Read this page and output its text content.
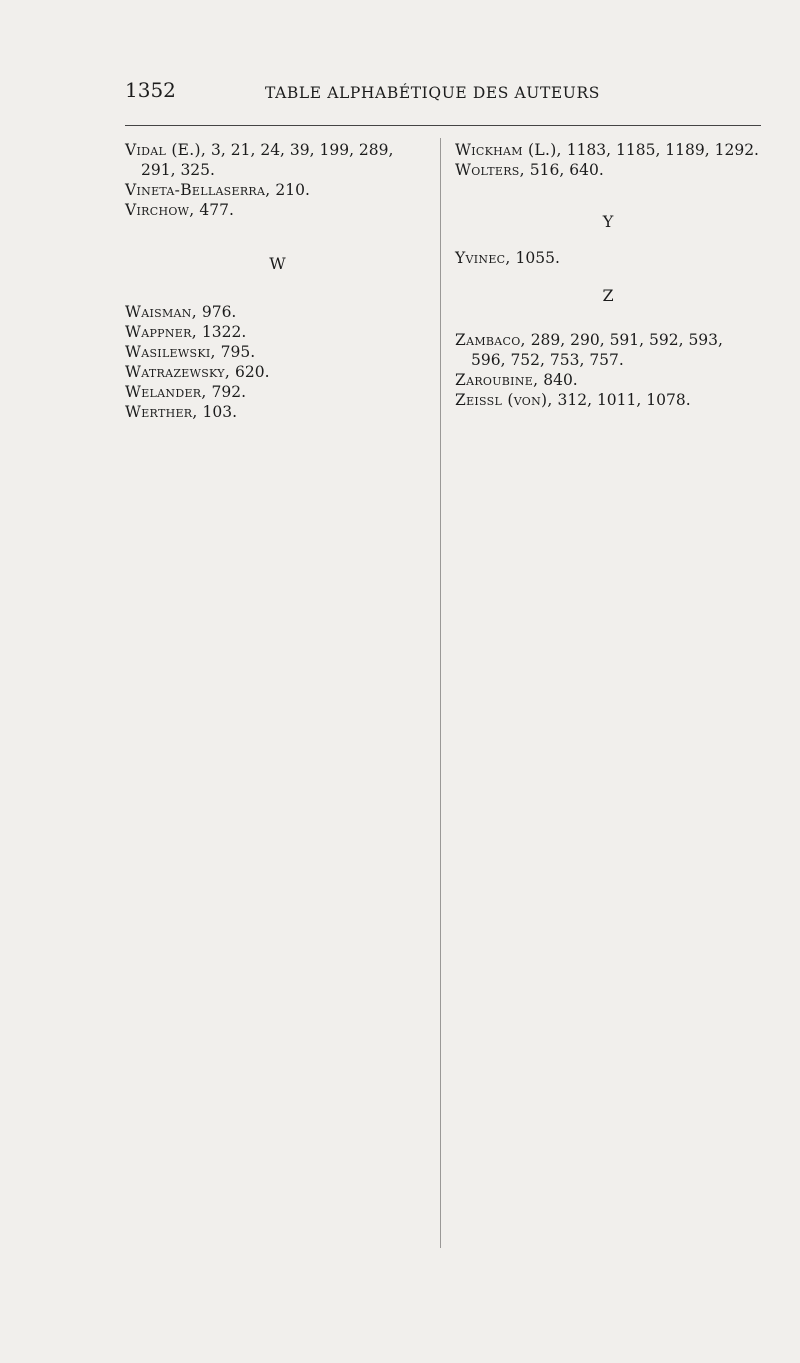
1352	TABLE ALPHABÉTIQUE DES AUTEURS

Vidal (E.), 3, 21, 24, 39, 199, 289, 291, 325.

Vineta-Bellaserra, 210.

Virchow, 477.

W

Waisman, 976.

Wappner, 1322.

Wasilewski, 795.

Watrazewsky, 620.

Welander, 792.

Werther, 103.

Wickham (L.), 1183, 1185, 1189, 1292.

Wolters, 516, 640.

Y

Yvinec, 1055.

Z

Zambaco, 289, 290, 591, 592, 593, 596, 752, 753, 757.

Zaroubine, 840.

Zeissl (von), 312, 1011, 1078.
